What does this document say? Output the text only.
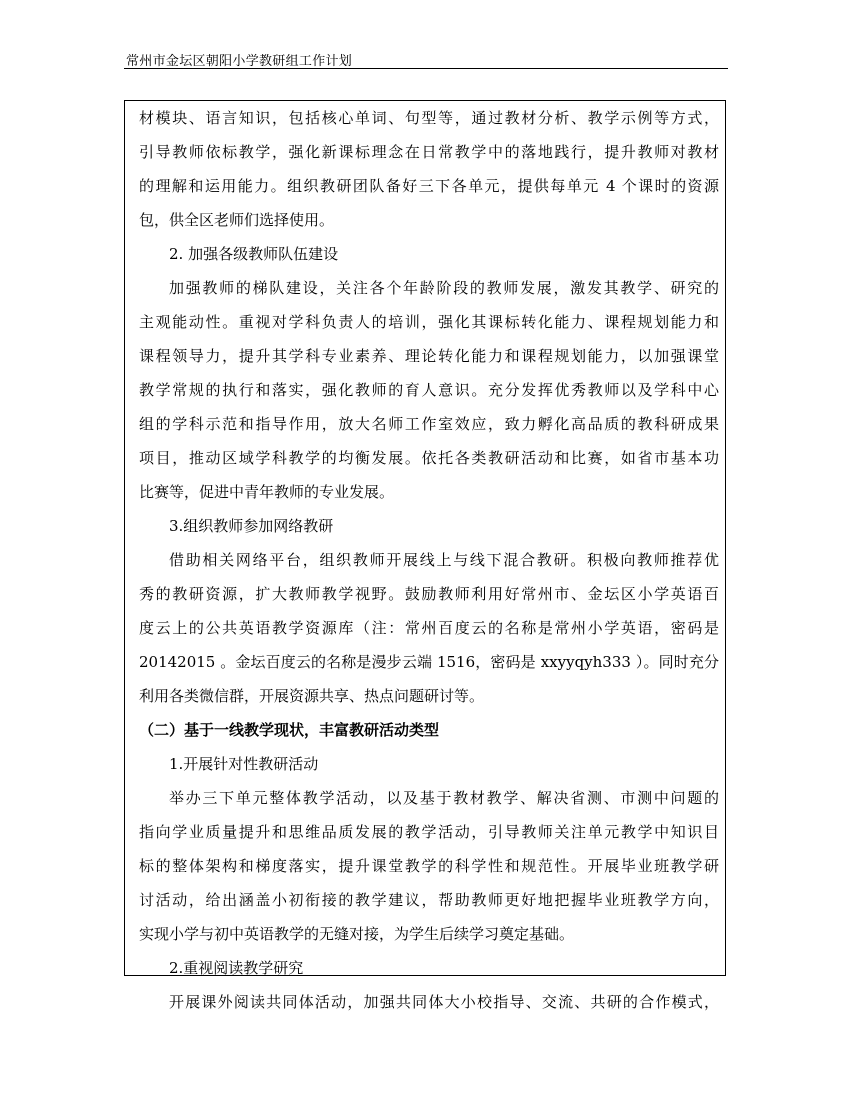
常州市金坛区朝阳小学教研组工作计划
材模块、语言知识，包括核心单词、句型等，通过教材分析、教学示例等方式，
引导教师依标教学，强化新课标理念在日常教学中的落地践行，提升教师对教材
的理解和运用能力。组织教研团队备好三下各单元，提供每单元 4 个课时的资源
包，供全区老师们选择使用。
2. 加强各级教师队伍建设
加强教师的梯队建设，关注各个年龄阶段的教师发展，激发其教学、研究的
主观能动性。重视对学科负责人的培训，强化其课标转化能力、课程规划能力和
课程领导力，提升其学科专业素养、理论转化能力和课程规划能力，以加强课堂
教学常规的执行和落实，强化教师的育人意识。充分发挥优秀教师以及学科中心
组的学科示范和指导作用，放大名师工作室效应，致力孵化高品质的教科研成果
项目，推动区域学科教学的均衡发展。依托各类教研活动和比赛，如省市基本功
比赛等，促进中青年教师的专业发展。
3.组织教师参加网络教研
借助相关网络平台，组织教师开展线上与线下混合教研。积极向教师推荐优
秀的教研资源，扩大教师教学视野。鼓励教师利用好常州市、金坛区小学英语百
度云上的公共英语教学资源库（注：常州百度云的名称是常州小学英语，密码是
20142015 。金坛百度云的名称是漫步云端 1516，密码是 xxyyqyh333 ）。同时充分
利用各类微信群，开展资源共享、热点问题研讨等。
（二）基于一线教学现状，丰富教研活动类型
1.开展针对性教研活动
举办三下单元整体教学活动，以及基于教材教学、解决省测、市测中问题的
指向学业质量提升和思维品质发展的教学活动，引导教师关注单元教学中知识目
标的整体架构和梯度落实，提升课堂教学的科学性和规范性。开展毕业班教学研
讨活动，给出涵盖小初衔接的教学建议，帮助教师更好地把握毕业班教学方向，
实现小学与初中英语教学的无缝对接，为学生后续学习奠定基础。
2.重视阅读教学研究
开展课外阅读共同体活动，加强共同体大小校指导、交流、共研的合作模式，
